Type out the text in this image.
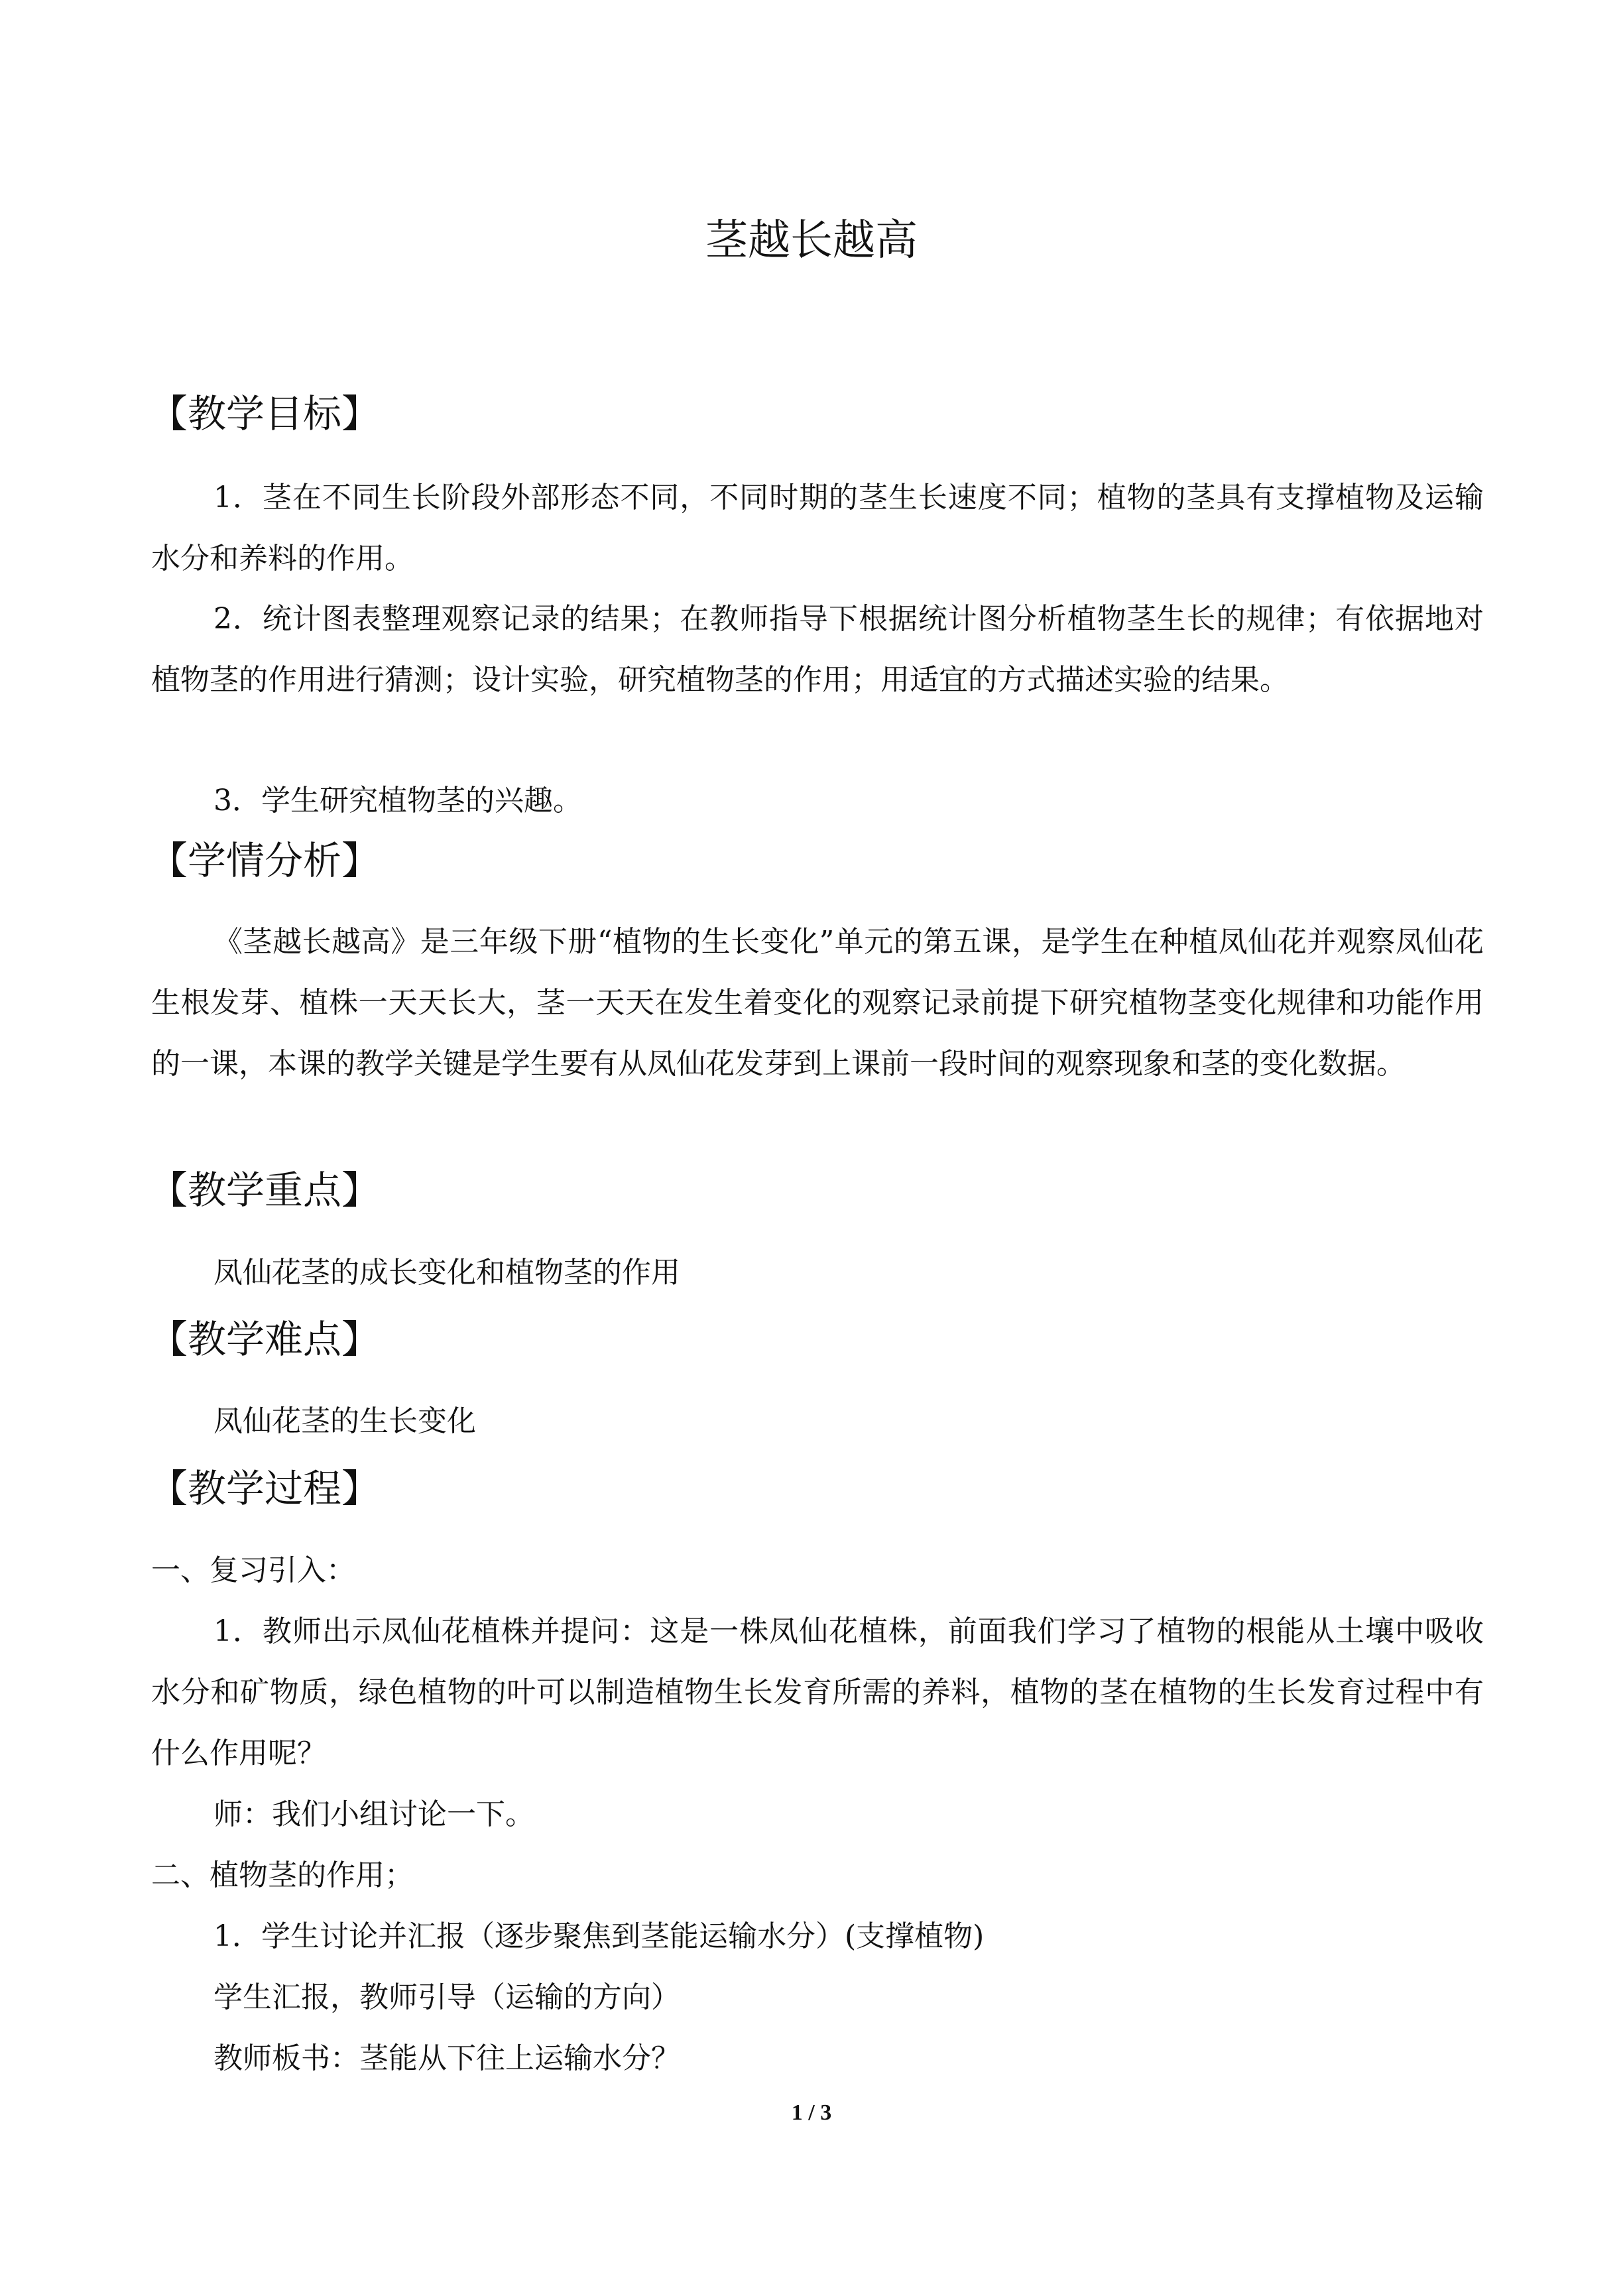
茎越长越高
【教学目标】
1．茎在不同生长阶段外部形态不同，不同时期的茎生长速度不同；植物的茎具有支撑植物及运输水分和养料的作用。
2．统计图表整理观察记录的结果；在教师指导下根据统计图分析植物茎生长的规律；有依据地对植物茎的作用进行猜测；设计实验，研究植物茎的作用；用适宜的方式描述实验的结果。
3．学生研究植物茎的兴趣。
【学情分析】
《茎越长越高》是三年级下册“植物的生长变化”单元的第五课，是学生在种植凤仙花并观察凤仙花生根发芽、植株一天天长大，茎一天天在发生着变化的观察记录前提下研究植物茎变化规律和功能作用的一课，本课的教学关键是学生要有从凤仙花发芽到上课前一段时间的观察现象和茎的变化数据。
【教学重点】
凤仙花茎的成长变化和植物茎的作用
【教学难点】
凤仙花茎的生长变化
【教学过程】
一、复习引入：
1．教师出示凤仙花植株并提问：这是一株凤仙花植株，前面我们学习了植物的根能从土壤中吸收水分和矿物质，绿色植物的叶可以制造植物生长发育所需的养料，植物的茎在植物的生长发育过程中有什么作用呢？
师：我们小组讨论一下。
二、植物茎的作用；
1．学生讨论并汇报（逐步聚焦到茎能运输水分）(支撑植物)
学生汇报，教师引导（运输的方向）
教师板书：茎能从下往上运输水分？
1 / 3
